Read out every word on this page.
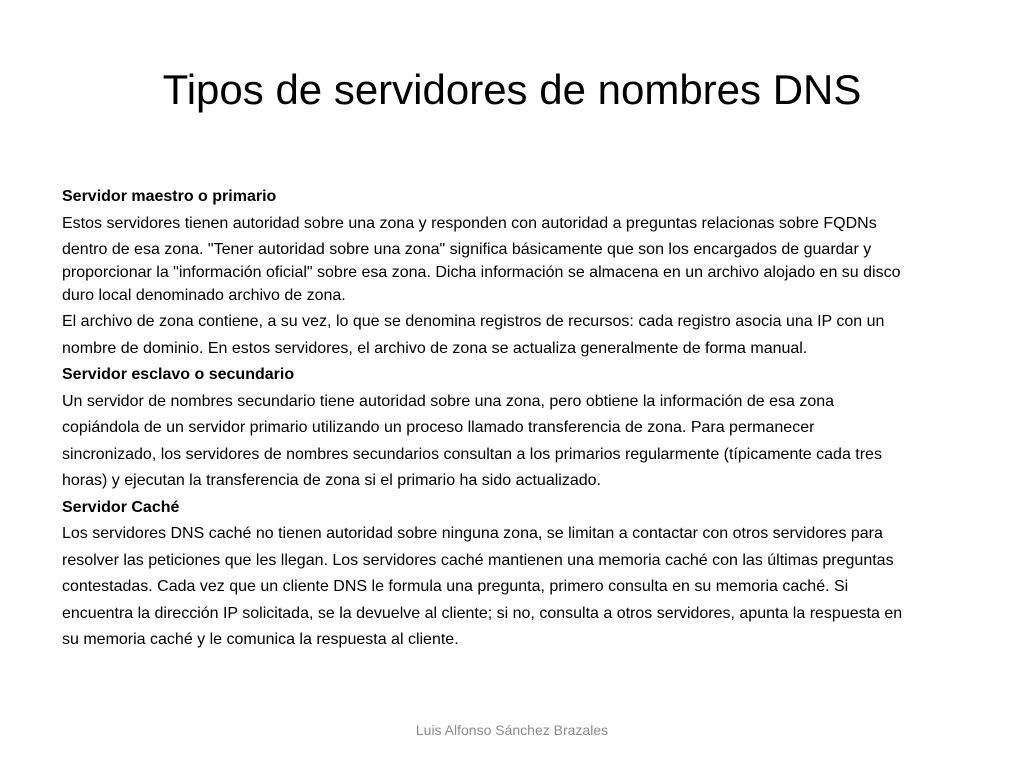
Tipos de servidores de nombres DNS

Servidor maestro o primario

Estos servidores tienen autoridad sobre una zona y responden con autoridad a preguntas relacionas sobre FQDNs

dentro de esa zona. "Tener autoridad sobre una zona" significa básicamente que son los encargados de guardar y

proporcionar la "información oficial" sobre esa zona. Dicha información se almacena en un archivo alojado en su disco

duro local denominado archivo de zona.

El archivo de zona contiene, a su vez, lo que se denomina registros de recursos: cada registro asocia una IP con un

nombre de dominio. En estos servidores, el archivo de zona se actualiza generalmente de forma manual.

Servidor esclavo o secundario

Un servidor de nombres secundario tiene autoridad sobre una zona, pero obtiene la información de esa zona

copiándola de un servidor primario utilizando un proceso llamado transferencia de zona. Para permanecer

sincronizado, los servidores de nombres secundarios consultan a los primarios regularmente (típicamente cada tres

horas) y ejecutan la transferencia de zona si el primario ha sido actualizado.

Servidor Caché

Los servidores DNS caché no tienen autoridad sobre ninguna zona, se limitan a contactar con otros servidores para

resolver las peticiones que les llegan. Los servidores caché mantienen una memoria caché con las últimas preguntas

contestadas. Cada vez que un cliente DNS le formula una pregunta, primero consulta en su memoria caché. Si

encuentra la dirección IP solicitada, se la devuelve al cliente; si no, consulta a otros servidores, apunta la respuesta en

su memoria caché y le comunica la respuesta al cliente.

Luis Alfonso Sánchez Brazales
